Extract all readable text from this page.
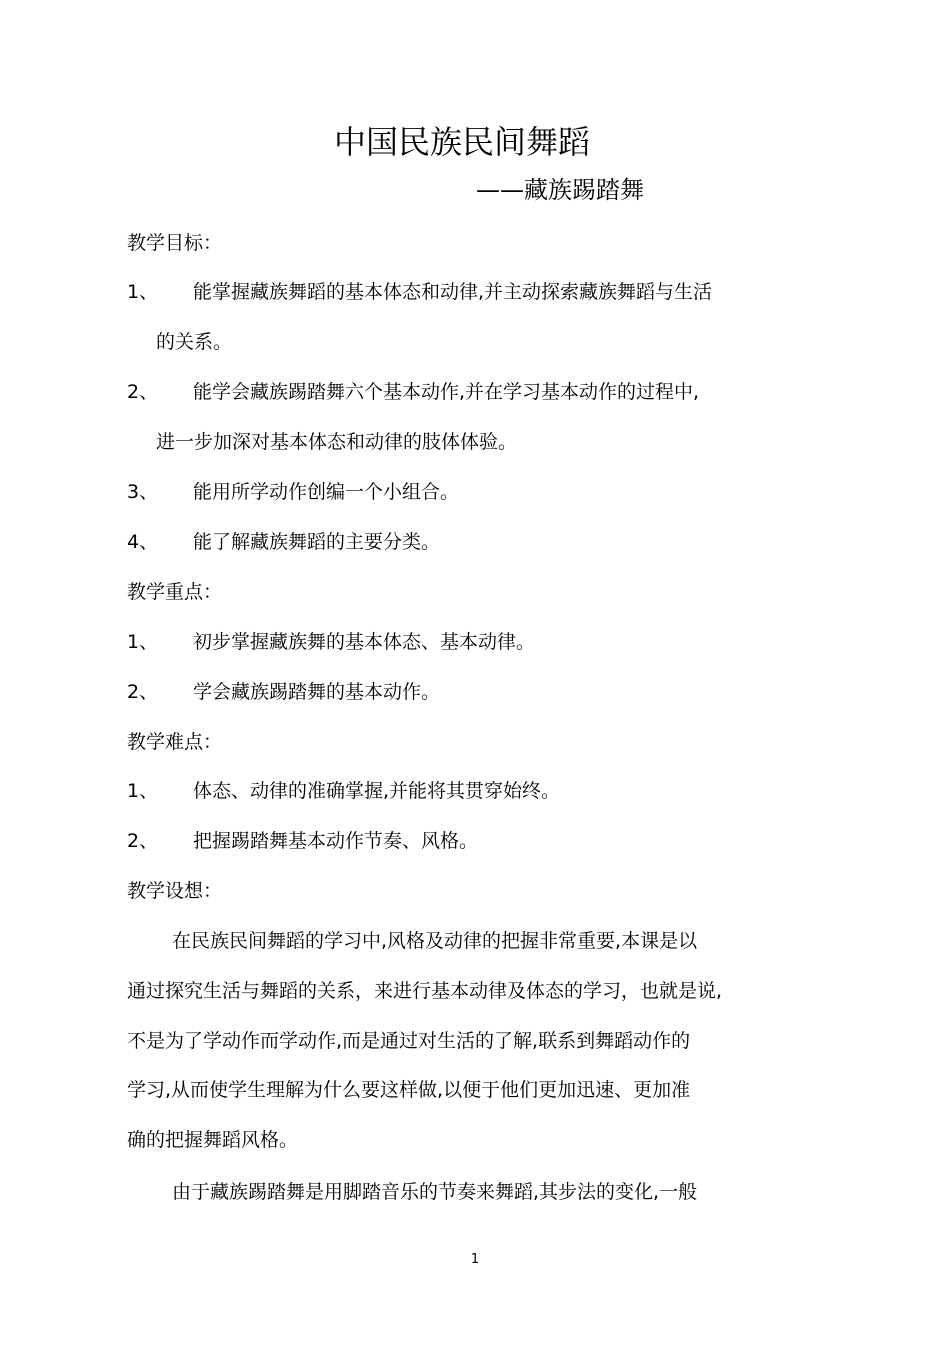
中国民族民间舞蹈
——藏族踢踏舞
教学目标：
1、 能掌握藏族舞蹈的基本体态和动律,并主动探索藏族舞蹈与生活
的关系。
2、 能学会藏族踢踏舞六个基本动作,并在学习基本动作的过程中,
进一步加深对基本体态和动律的肢体体验。
3、 能用所学动作创编一个小组合。
4、 能了解藏族舞蹈的主要分类。
教学重点：
1、 初步掌握藏族舞的基本体态、基本动律。
2、 学会藏族踢踏舞的基本动作。
教学难点：
1、 体态、动律的准确掌握,并能将其贯穿始终。
2、 把握踢踏舞基本动作节奏、风格。
教学设想：
在民族民间舞蹈的学习中,风格及动律的把握非常重要,本课是以
通过探究生活与舞蹈的关系，来进行基本动律及体态的学习，也就是说,
不是为了学动作而学动作,而是通过对生活的了解,联系到舞蹈动作的
学习,从而使学生理解为什么要这样做,以便于他们更加迅速、更加准
确的把握舞蹈风格。
由于藏族踢踏舞是用脚踏音乐的节奏来舞蹈,其步法的变化,一般
1
